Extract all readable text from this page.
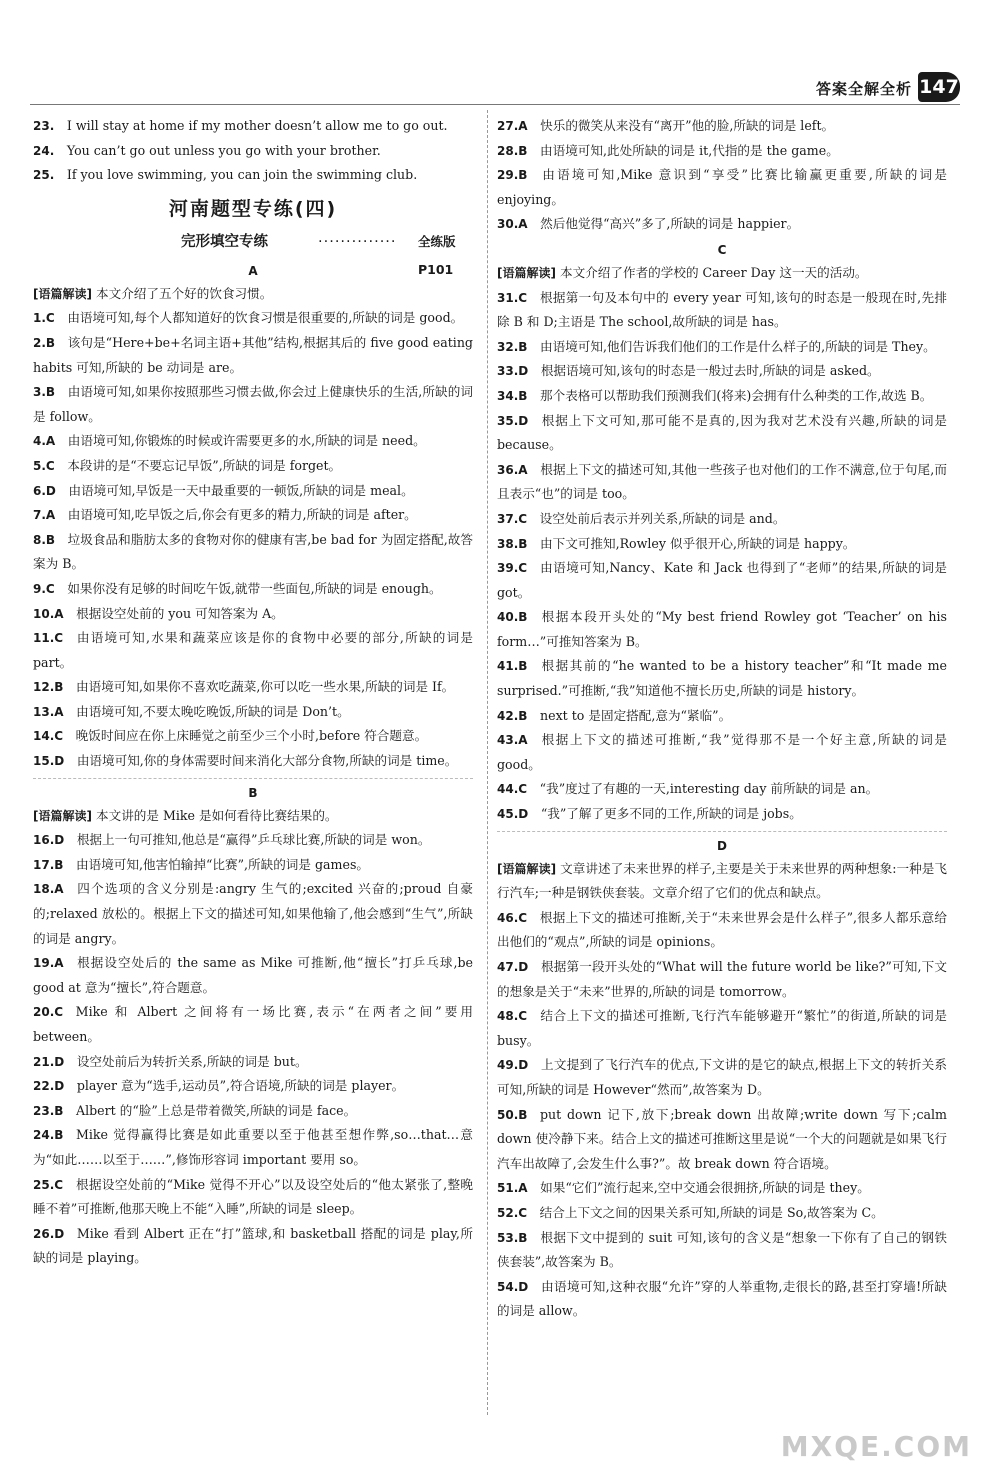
答案全解全析 147
23.  I will stay at home if my mother doesn’t allow me to go out.
24.  You can’t go out unless you go with your brother.
25.  If you love swimming, you can join the swimming club.
河南题型专练(四)
完形填空专练	·············· 全练版 P101
A
[语篇解读] 本文介绍了五个好的饮食习惯。
1.C  由语境可知,每个人都知道好的饮食习惯是很重要的,所缺的词是 good。
2.B  该句是“Here+be+名词主语+其他”结构,根据其后的 five good eating habits 可知,所缺的 be 动词是 are。
3.B  由语境可知,如果你按照那些习惯去做,你会过上健康快乐的生活,所缺的词是 follow。
4.A  由语境可知,你锻炼的时候或许需要更多的水,所缺的词是 need。
5.C  本段讲的是“不要忘记早饭”,所缺的词是 forget。
6.D  由语境可知,早饭是一天中最重要的一顿饭,所缺的词是 meal。
7.A  由语境可知,吃早饭之后,你会有更多的精力,所缺的词是 after。
8.B  垃圾食品和脂肪太多的食物对你的健康有害,be bad for 为固定搭配,故答案为 B。
9.C  如果你没有足够的时间吃午饭,就带一些面包,所缺的词是 enough。
10.A  根据设空处前的 you 可知答案为 A。
11.C  由语境可知,水果和蔬菜应该是你的食物中必要的部分,所缺的词是 part。
12.B  由语境可知,如果你不喜欢吃蔬菜,你可以吃一些水果,所缺的词是 If。
13.A  由语境可知,不要太晚吃晚饭,所缺的词是 Don’t。
14.C  晚饭时间应在你上床睡觉之前至少三个小时,before 符合题意。
15.D  由语境可知,你的身体需要时间来消化大部分食物,所缺的词是 time。
B
[语篇解读] 本文讲的是 Mike 是如何看待比赛结果的。
16.D  根据上一句可推知,他总是“赢得”乒乓球比赛,所缺的词是 won。
17.B  由语境可知,他害怕输掉“比赛”,所缺的词是 games。
18.A  四个选项的含义分别是:angry 生气的;excited 兴奋的;proud 自豪的;relaxed 放松的。根据上下文的描述可知,如果他输了,他会感到“生气”,所缺的词是 angry。
19.A  根据设空处后的 the same as Mike 可推断,他“擅长”打乒乓球,be good at 意为“擅长”,符合题意。
20.C  Mike 和 Albert 之间将有一场比赛,表示“在两者之间”要用 between。
21.D  设空处前后为转折关系,所缺的词是 but。
22.D  player 意为“选手,运动员”,符合语境,所缺的词是 player。
23.B  Albert 的“脸”上总是带着微笑,所缺的词是 face。
24.B  Mike 觉得赢得比赛是如此重要以至于他甚至想作弊,so…that…意为“如此……以至于……”,修饰形容词 important 要用 so。
25.C  根据设空处前的“Mike 觉得不开心”以及设空处后的“他太紧张了,整晚睡不着”可推断,他那天晚上不能“入睡”,所缺的词是 sleep。
26.D  Mike 看到 Albert 正在“打”篮球,和 basketball 搭配的词是 play,所缺的词是 playing。
27.A  快乐的微笑从来没有“离开”他的脸,所缺的词是 left。
28.B  由语境可知,此处所缺的词是 it,代指的是 the game。
29.B  由语境可知,Mike 意识到“享受”比赛比输赢更重要,所缺的词是 enjoying。
30.A  然后他觉得“高兴”多了,所缺的词是 happier。
C
[语篇解读] 本文介绍了作者的学校的 Career Day 这一天的活动。
31.C  根据第一句及本句中的 every year 可知,该句的时态是一般现在时,先排除 B 和 D;主语是 The school,故所缺的词是 has。
32.B  由语境可知,他们告诉我们他们的工作是什么样子的,所缺的词是 They。
33.D  根据语境可知,该句的时态是一般过去时,所缺的词是 asked。
34.B  那个表格可以帮助我们预测我们(将来)会拥有什么种类的工作,故选 B。
35.D  根据上下文可知,那可能不是真的,因为我对艺术没有兴趣,所缺的词是 because。
36.A  根据上下文的描述可知,其他一些孩子也对他们的工作不满意,位于句尾,而且表示“也”的词是 too。
37.C  设空处前后表示并列关系,所缺的词是 and。
38.B  由下文可推知,Rowley 似乎很开心,所缺的词是 happy。
39.C  由语境可知,Nancy、Kate 和 Jack 也得到了“老师”的结果,所缺的词是 got。
40.B  根据本段开头处的“My best friend Rowley got ‘Teacher’ on his form…”可推知答案为 B。
41.B  根据其前的“he wanted to be a history teacher”和“It made me surprised.”可推断,“我”知道他不擅长历史,所缺的词是 history。
42.B  next to 是固定搭配,意为“紧临”。
43.A  根据上下文的描述可推断,“我”觉得那不是一个好主意,所缺的词是 good。
44.C  “我”度过了有趣的一天,interesting day 前所缺的词是 an。
45.D  “我”了解了更多不同的工作,所缺的词是 jobs。
D
[语篇解读] 文章讲述了未来世界的样子,主要是关于未来世界的两种想象:一种是飞行汽车;一种是钢铁侠套装。文章介绍了它们的优点和缺点。
46.C  根据上下文的描述可推断,关于“未来世界会是什么样子”,很多人都乐意给出他们的“观点”,所缺的词是 opinions。
47.D  根据第一段开头处的“What will the future world be like?”可知,下文的想象是关于“未来”世界的,所缺的词是 tomorrow。
48.C  结合上下文的描述可推断,飞行汽车能够避开“繁忙”的街道,所缺的词是 busy。
49.D  上文提到了飞行汽车的优点,下文讲的是它的缺点,根据上下文的转折关系可知,所缺的词是 However“然而”,故答案为 D。
50.B  put down 记下,放下;break down 出故障;write down 写下;calm down 使冷静下来。结合上文的描述可推断这里是说“一个大的问题就是如果飞行汽车出故障了,会发生什么事?”。故 break down 符合语境。
51.A  如果“它们”流行起来,空中交通会很拥挤,所缺的词是 they。
52.C  结合上下文之间的因果关系可知,所缺的词是 So,故答案为 C。
53.B  根据下文中提到的 suit 可知,该句的含义是“想象一下你有了自己的钢铁侠套装”,故答案为 B。
54.D  由语境可知,这种衣服“允许”穿的人举重物,走很长的路,甚至打穿墙!所缺的词是 allow。
MXQE.COM
